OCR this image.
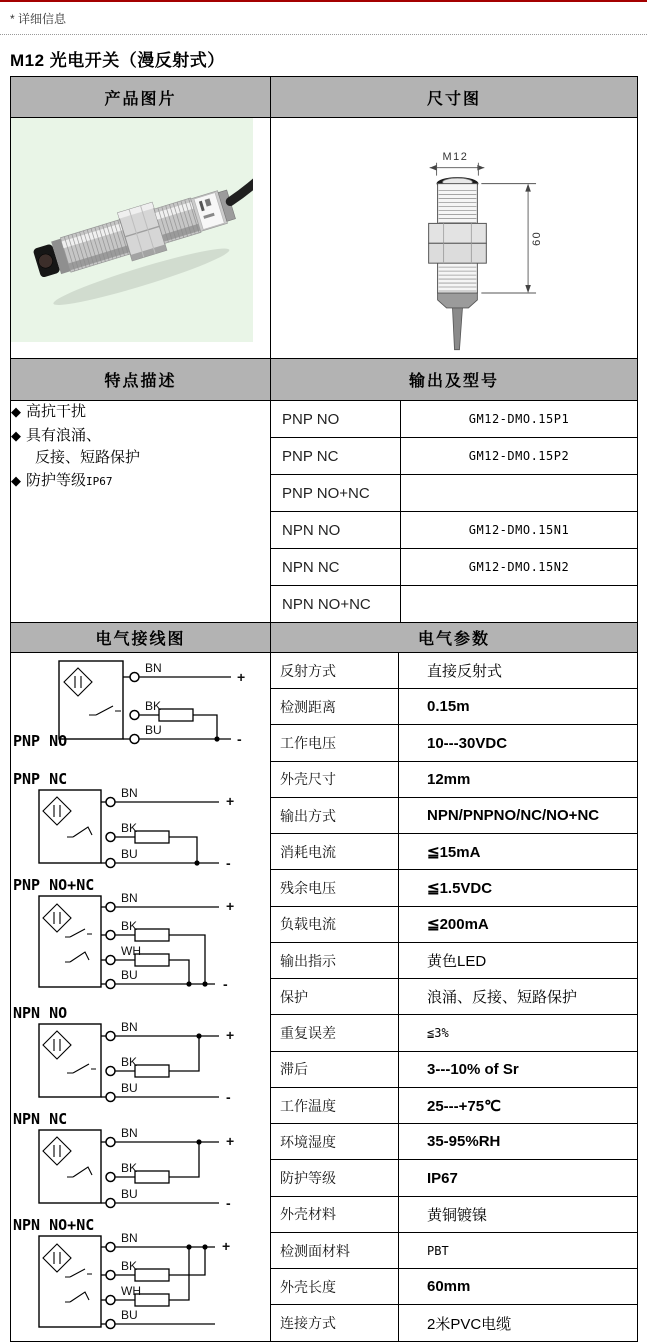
* 详细信息
M12 光电开关（漫反射式）
产品图片	尺寸图

M12
60

特点描述	输出及型号

◆ 高抗干扰
◆ 具有浪涌、
反接、短路保护
◆ 防护等级IP67

PNP NO	GM12-DMO.15P1
PNP NC	GM12-DMO.15P2
PNP NO+NC	
NPN NO	GM12-DMO.15N1
NPN NC	GM12-DMO.15N2
NPN NO+NC	

电气接线图	电气参数

BN
+
BK
BU
-
PNP NO
PNP NC
BN	+
BK
BU
-
PNP NO+NC
BN	+
BK
WH
BU
-
NPN NO
BN	+
BK
BU
-
NPN NC
BN	+
BK
BU
-
NPN NO+NC
BN	+
BK
WH
BU

反射方式	直接反射式
检测距离	0.15m
工作电压	10---30VDC
外壳尺寸	12mm
输出方式	NPN/PNPNO/NC/NO+NC
消耗电流	≦15mA
残余电压	≦1.5VDC
负载电流	≦200mA
输出指示	黄色LED
保护	浪涌、反接、短路保护
重复误差	≦3%
滞后	3---10% of Sr
工作温度	25---+75℃
环境湿度	35-95%RH
防护等级	IP67
外壳材料	黄铜镀镍
检测面材料	PBT
外壳长度	60mm
连接方式	2米PVC电缆
